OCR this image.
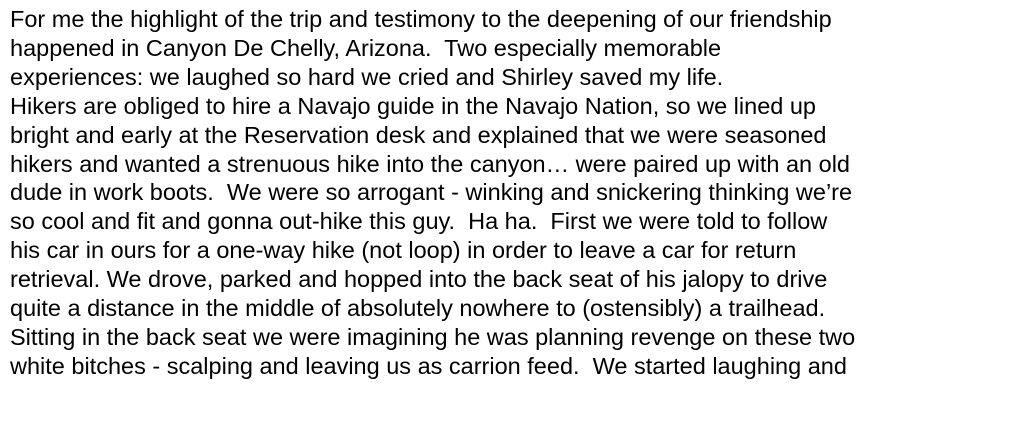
For me the highlight of the trip and testimony to the deepening of our friendship
happened in Canyon De Chelly, Arizona.  Two especially memorable
experiences: we laughed so hard we cried and Shirley saved my life.
Hikers are obliged to hire a Navajo guide in the Navajo Nation, so we lined up
bright and early at the Reservation desk and explained that we were seasoned
hikers and wanted a strenuous hike into the canyon… were paired up with an old
dude in work boots.  We were so arrogant - winking and snickering thinking we’re
so cool and fit and gonna out-hike this guy.  Ha ha.  First we were told to follow
his car in ours for a one-way hike (not loop) in order to leave a car for return
retrieval. We drove, parked and hopped into the back seat of his jalopy to drive
quite a distance in the middle of absolutely nowhere to (ostensibly) a trailhead.
Sitting in the back seat we were imagining he was planning revenge on these two
white bitches - scalping and leaving us as carrion feed.  We started laughing and
